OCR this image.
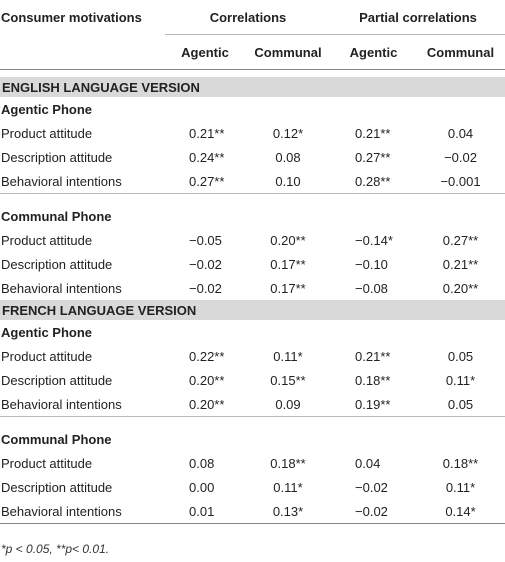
Consumer motivations	Correlations		Partial correlations	
	Agentic	Communal	Agentic	Communal

ENGLISH LANGUAGE VERSION				
Agentic Phone				
Product attitude	0.21**	0.12*	0.21**	0.04
Description attitude	0.24**	0.08	0.27**	−0.02
Behavioral intentions	0.27**	0.10	0.28**	−0.001
Communal Phone				
Product attitude	−0.05	0.20**	−0.14*	0.27**
Description attitude	−0.02	0.17**	−0.10	0.21**
Behavioral intentions	−0.02	0.17**	−0.08	0.20**
FRENCH LANGUAGE VERSION				
Agentic Phone				
Product attitude	0.22**	0.11*	0.21**	0.05
Description attitude	0.20**	0.15**	0.18**	0.11*
Behavioral intentions	0.20**	0.09	0.19**	0.05
Communal Phone				
Product attitude	0.08	0.18**	0.04	0.18**
Description attitude	0.00	0.11*	−0.02	0.11*
Behavioral intentions	0.01	0.13*	−0.02	0.14*
*p < 0.05, **p< 0.01.
